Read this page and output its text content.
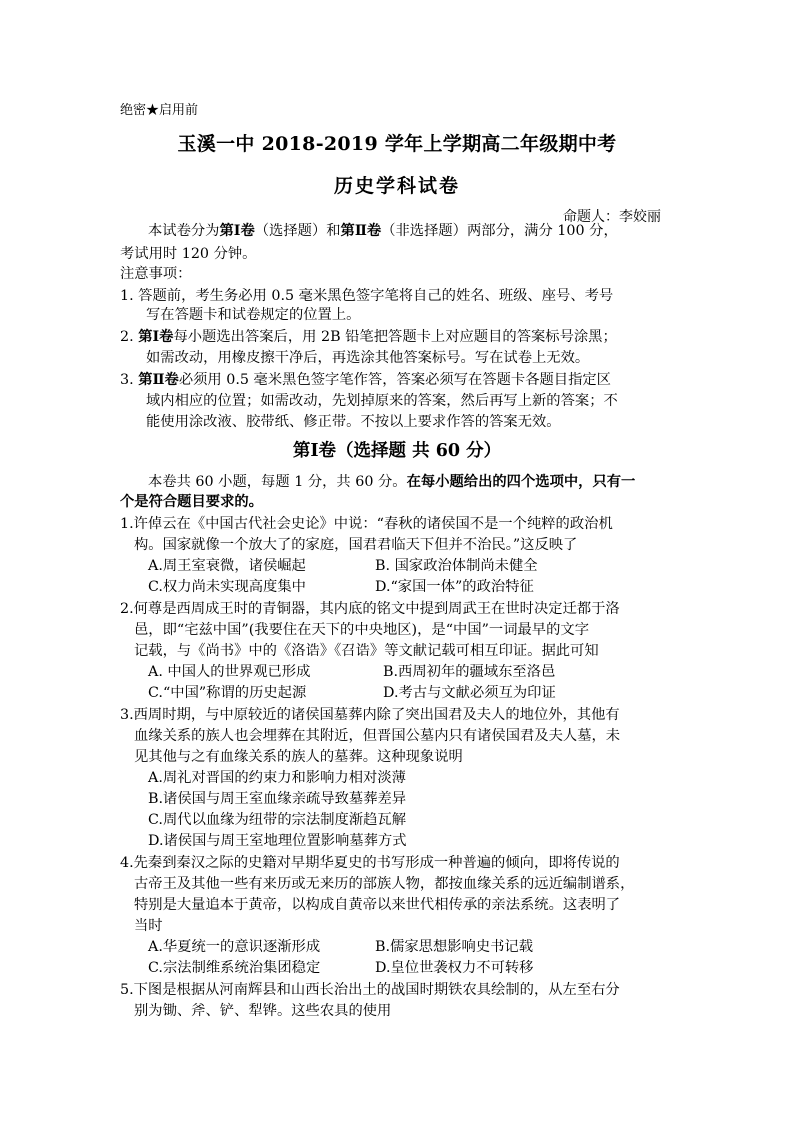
绝密★启用前
玉溪一中 2018-2019 学年上学期高二年级期中考
历史学科试卷
命题人：李姣丽
本试卷分为第Ⅰ卷（选择题）和第Ⅱ卷（非选择题）两部分，满分 100 分，
考试用时 120 分钟。
注意事项：
1. 答题前，考生务必用 0.5 毫米黑色签字笔将自己的姓名、班级、座号、考号
写在答题卡和试卷规定的位置上。
2. 第Ⅰ卷每小题选出答案后，用 2B 铅笔把答题卡上对应题目的答案标号涂黑；
如需改动，用橡皮擦干净后，再选涂其他答案标号。写在试卷上无效。
3. 第Ⅱ卷必须用 0.5 毫米黑色签字笔作答，答案必须写在答题卡各题目指定区
域内相应的位置；如需改动，先划掉原来的答案，然后再写上新的答案；不
能使用涂改液、胶带纸、修正带。不按以上要求作答的答案无效。
第Ⅰ卷（选择题 共 60 分）
本卷共 60 小题，每题 1 分，共 60 分。在每小题给出的四个选项中，只有一
个是符合题目要求的。
1.许倬云在《中国古代社会史论》中说：“春秋的诸侯国不是一个纯粹的政治机
构。国家就像一个放大了的家庭，国君君临天下但并不治民。”这反映了
A.周王室衰微，诸侯崛起	B. 国家政治体制尚未健全
C.权力尚未实现高度集中	D.“家国一体”的政治特征
2.何尊是西周成王时的青铜器，其内底的铭文中提到周武王在世时决定迁都于洛
邑，即“宅兹中国”(我要住在天下的中央地区)，是“中国”一词最早的文字
记载，与《尚书》中的《洛诰》《召诰》等文献记载可相互印证。据此可知
A. 中国人的世界观已形成	B.西周初年的疆域东至洛邑
C.“中国”称谓的历史起源	D.考古与文献必须互为印证
3.西周时期，与中原较近的诸侯国墓葬内除了突出国君及夫人的地位外，其他有
血缘关系的族人也会埋葬在其附近，但晋国公墓内只有诸侯国君及夫人墓，未
见其他与之有血缘关系的族人的墓葬。这种现象说明
A.周礼对晋国的约束力和影响力相对淡薄
B.诸侯国与周王室血缘亲疏导致墓葬差异
C.周代以血缘为纽带的宗法制度渐趋瓦解
D.诸侯国与周王室地理位置影响墓葬方式
4.先秦到秦汉之际的史籍对早期华夏史的书写形成一种普遍的倾向，即将传说的
古帝王及其他一些有来历或无来历的部族人物，都按血缘关系的远近编制谱系，
特别是大量追本于黄帝，以构成自黄帝以来世代相传承的亲法系统。这表明了
当时
A.华夏统一的意识逐渐形成	B.儒家思想影响史书记载
C.宗法制维系统治集团稳定	D.皇位世袭权力不可转移
5.下图是根据从河南辉县和山西长治出土的战国时期铁农具绘制的，从左至右分
别为锄、斧、铲、犁铧。这些农具的使用
